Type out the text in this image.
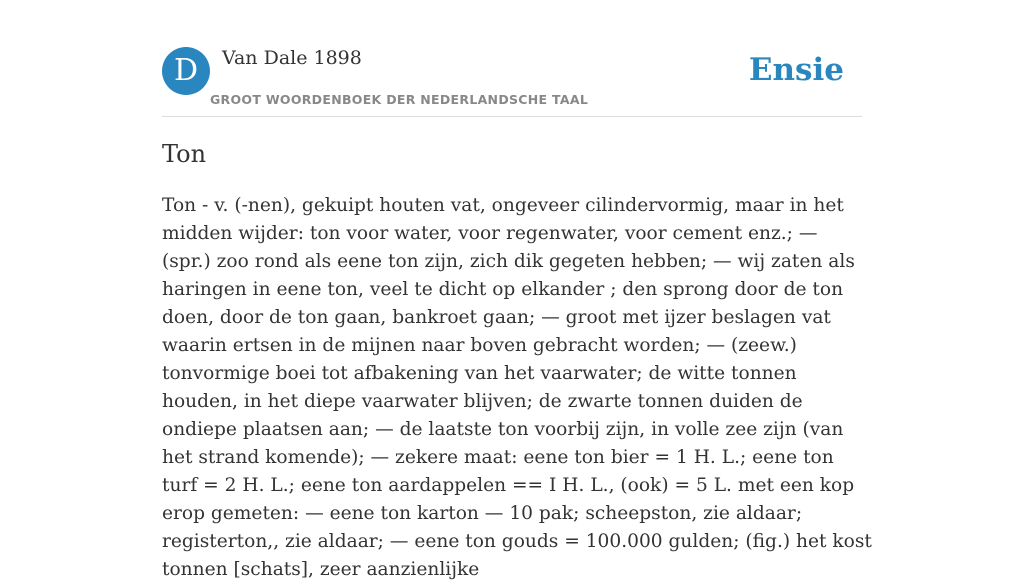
D	Van Dale 1898
GROOT WOORDENBOEK DER NEDERLANDSCHE TAAL
Ensie
Ton

Ton - v. (-nen), gekuipt houten vat, ongeveer cilindervormig, maar in het midden wijder: ton voor water, voor regenwater, voor cement enz.; — (spr.) zoo rond als eene ton zijn, zich dik gegeten hebben; — wij zaten als haringen in eene ton, veel te dicht op elkander ; den sprong door de ton doen, door de ton gaan, bankroet gaan; — groot met ijzer beslagen vat waarin ertsen in de mijnen naar boven gebracht worden; — (zeew.) tonvormige boei tot afbakening van het vaarwater; de witte tonnen houden, in het diepe vaarwater blijven; de zwarte tonnen duiden de ondiepe plaatsen aan; — de laatste ton voorbij zijn, in volle zee zijn (van het strand komende); — zekere maat: eene ton bier = 1 H. L.; eene ton turf = 2 H. L.; eene ton aardappelen == I H. L., (ook) = 5 L. met een kop erop gemeten: — eene ton karton — 10 pak; scheepston, zie aldaar; registerton,, zie aldaar; — eene ton gouds = 100.000 gulden; (fig.) het kost tonnen [schats], zeer aanzienlijke
